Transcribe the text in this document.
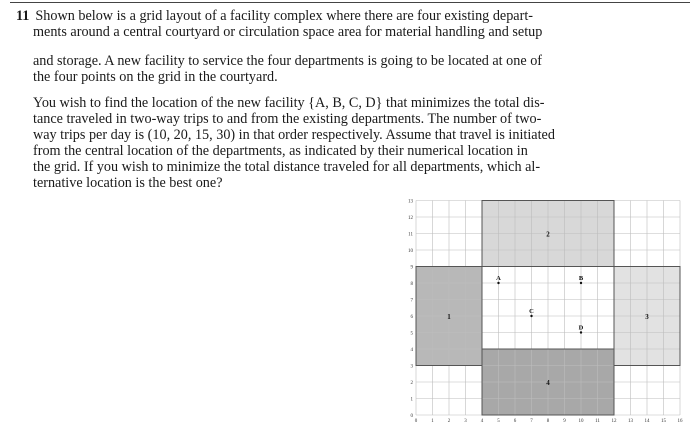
11 Shown below is a grid layout of a facility complex where there are four existing depart-
ments around a central courtyard or circulation space area for material handling and setup

and storage. A new facility to service the four departments is going to be located at one of
the four points on the grid in the courtyard.

You wish to find the location of the new facility {A, B, C, D} that minimizes the total dis-
tance traveled in two-way trips to and from the existing departments. The number of two-
way trips per day is (10, 20, 15, 30) in that order respectively. Assume that travel is initiated
from the central location of the departments, as indicated by their numerical location in
the grid. If you wish to minimize the total distance traveled for all departments, which al-
ternative location is the best one?

1
2
3
4
A	B
C
D
13
12
11
10
9
8
7
6
5
4
3
2
1
0
0	1	2	3	4	5	6	7	8	9	10 11 12 13 14 15 16
